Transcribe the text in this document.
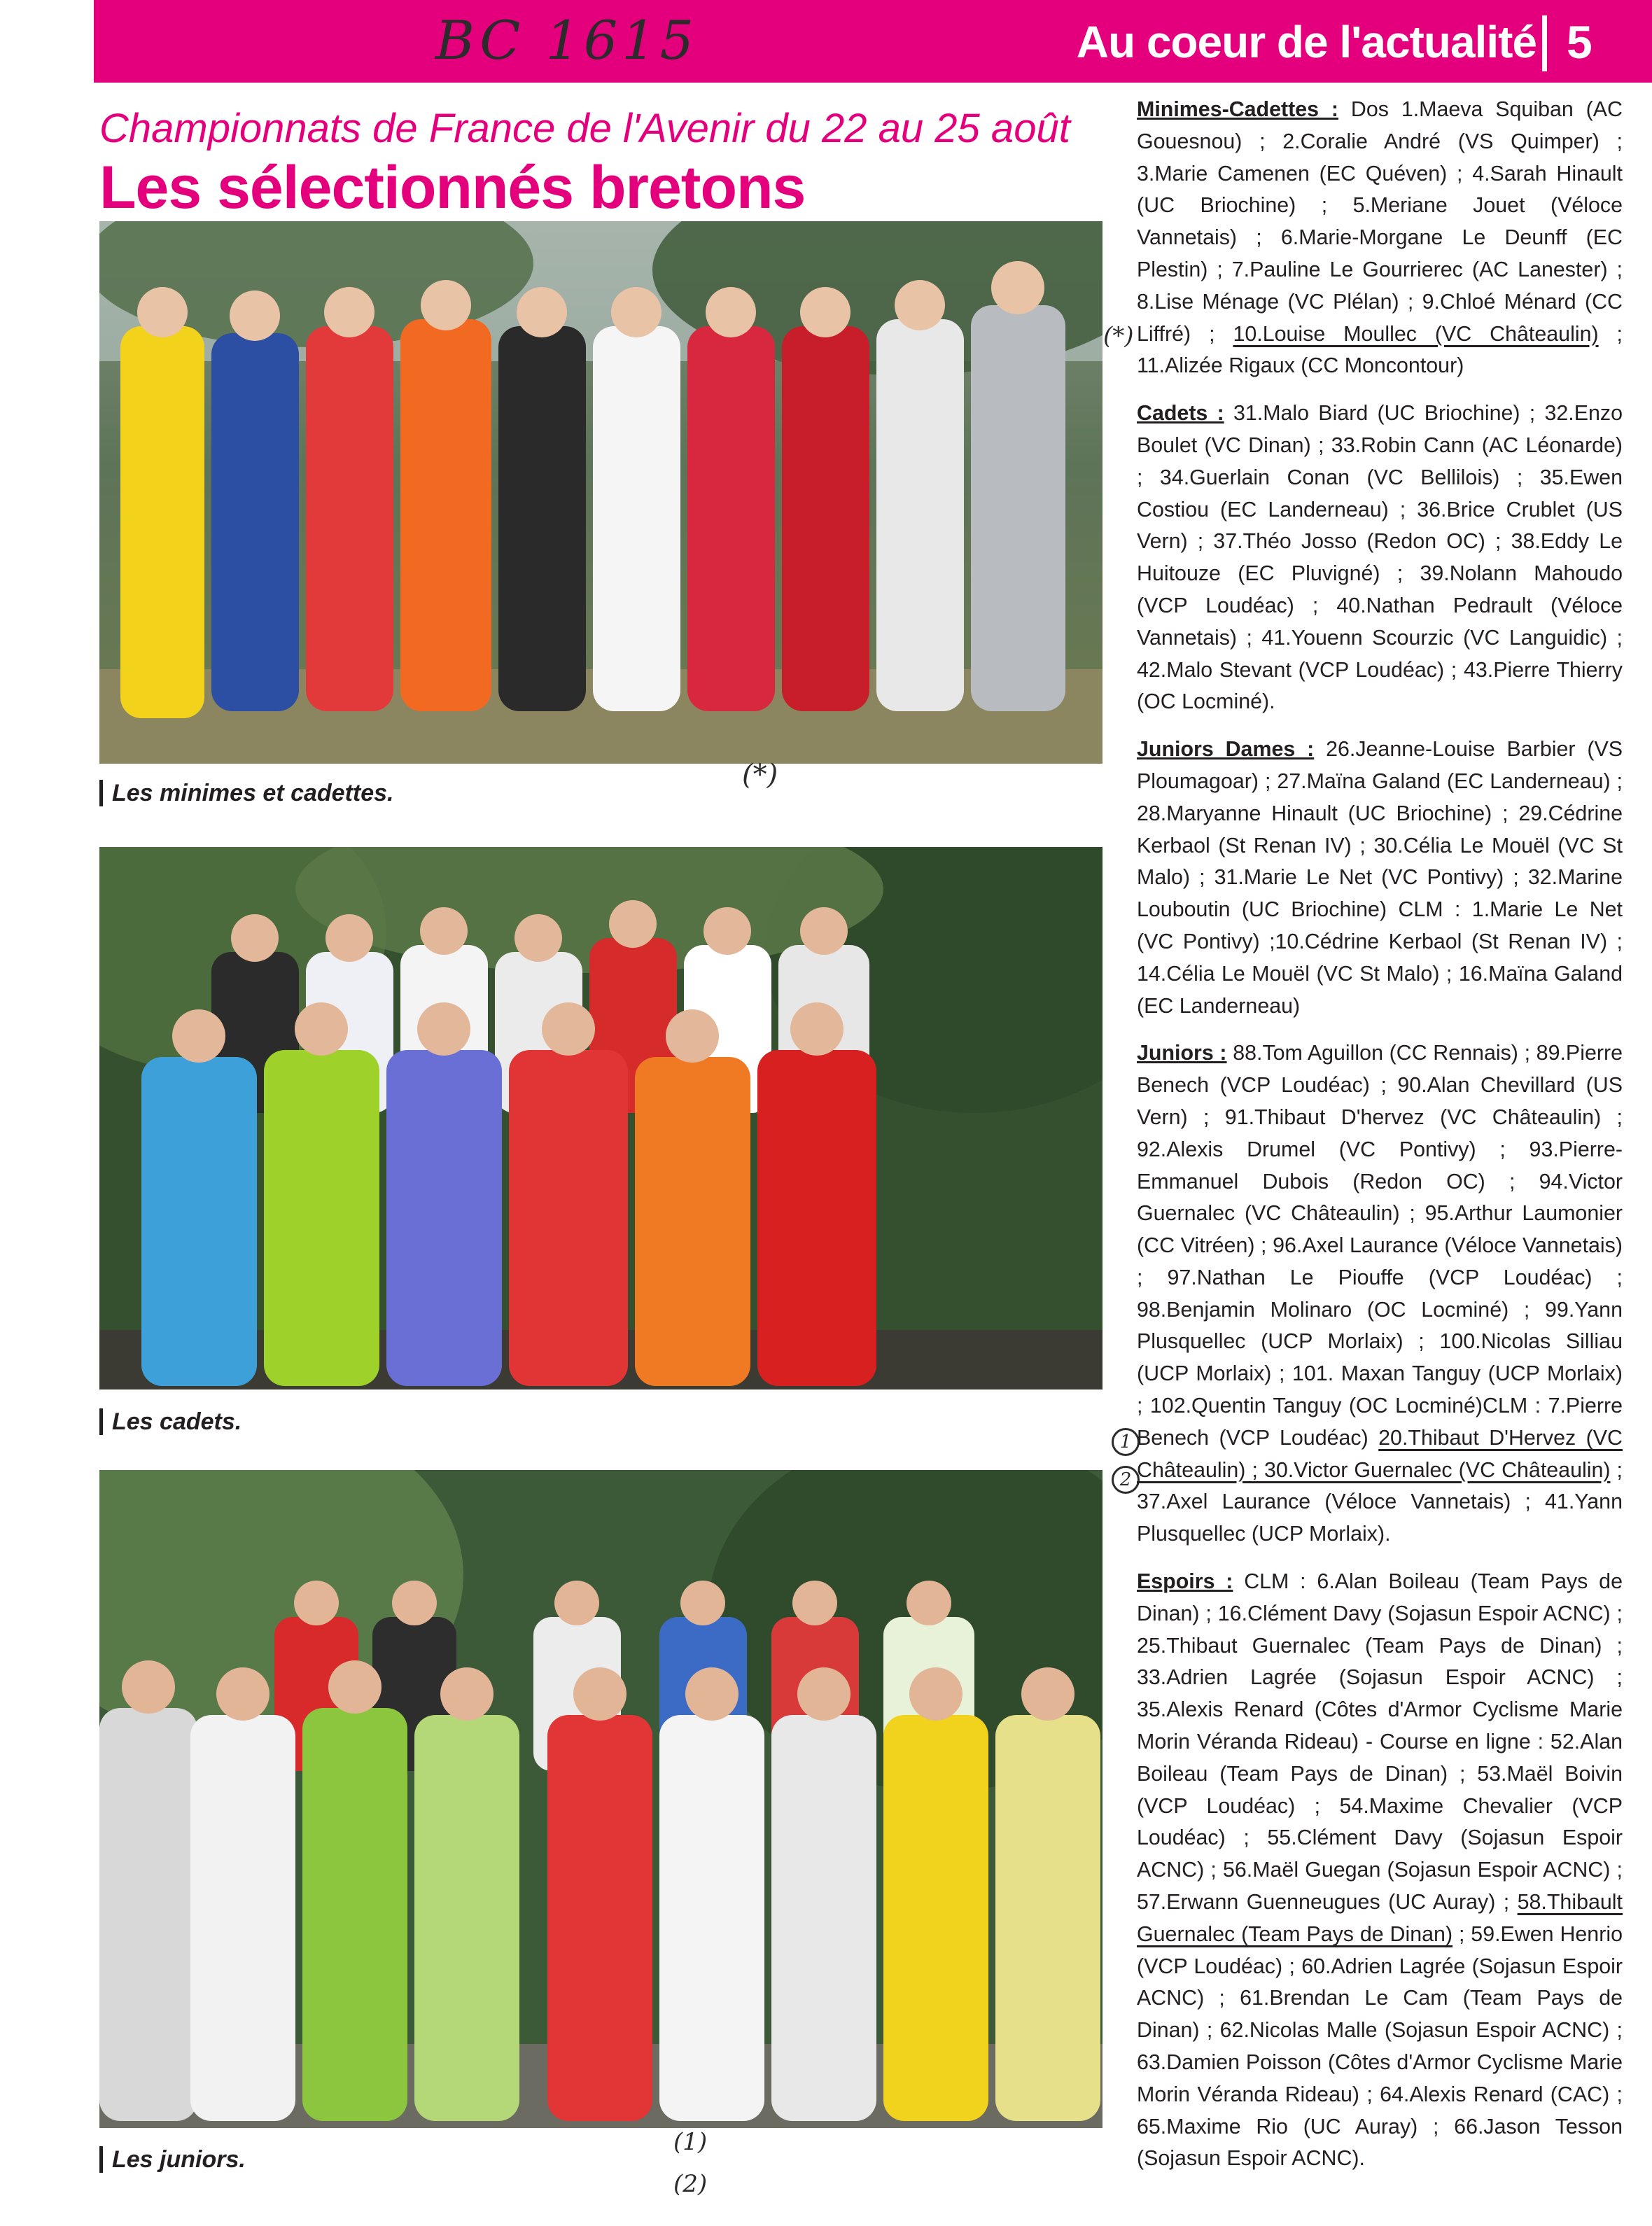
BC 1615	Au coeur de l'actualité 5
Championnats de France de l'Avenir du 22 au 25 août
Les sélectionnés bretons
Les minimes et cadettes.
(*)
Les cadets.
Les juniors.
(1)
(2)
(*)
1
2

Minimes-Cadettes : Dos 1.Maeva Squiban (AC Gouesnou) ; 2.Coralie André (VS Quimper) ; 3.Marie Camenen (EC Quéven) ; 4.Sarah Hinault (UC Briochine) ; 5.Meriane Jouet (Véloce Vannetais) ; 6.Marie-Morgane Le Deunff (EC Plestin) ; 7.Pauline Le Gourrierec (AC Lanester) ; 8.Lise Ménage (VC Plélan) ; 9.Chloé Ménard (CC Liffré) ; 10.Louise Moullec (VC Châteaulin) ; 11.Alizée Rigaux (CC Moncontour)

Cadets : 31.Malo Biard (UC Briochine) ; 32.Enzo Boulet (VC Dinan) ; 33.Robin Cann (AC Léonarde) ; 34.Guerlain Conan (VC Bellilois) ; 35.Ewen Costiou (EC Landerneau) ; 36.Brice Crublet (US Vern) ; 37.Théo Josso (Redon OC) ; 38.Eddy Le Huitouze (EC Pluvigné) ; 39.Nolann Mahoudo (VCP Loudéac) ; 40.Nathan Pedrault (Véloce Vannetais) ; 41.Youenn Scourzic (VC Languidic) ; 42.Malo Stevant (VCP Loudéac) ; 43.Pierre Thierry (OC Locminé).

Juniors Dames : 26.Jeanne-Louise Barbier (VS Ploumagoar) ; 27.Maïna Galand (EC Landerneau) ; 28.Maryanne Hinault (UC Briochine) ; 29.Cédrine Kerbaol (St Renan IV) ; 30.Célia Le Mouël (VC St Malo) ; 31.Marie Le Net (VC Pontivy) ; 32.Marine Louboutin (UC Briochine) CLM : 1.Marie Le Net (VC Pontivy) ;10.Cédrine Kerbaol (St Renan IV) ; 14.Célia Le Mouël (VC St Malo) ; 16.Maïna Galand (EC Landerneau)

Juniors : 88.Tom Aguillon (CC Rennais) ; 89.Pierre Benech (VCP Loudéac) ; 90.Alan Chevillard (US Vern) ; 91.Thibaut D'hervez (VC Châteaulin) ; 92.Alexis Drumel (VC Pontivy) ; 93.Pierre-Emmanuel Dubois (Redon OC) ; 94.Victor Guernalec (VC Châteaulin) ; 95.Arthur Laumonier (CC Vitréen) ; 96.Axel Laurance (Véloce Vannetais) ; 97.Nathan Le Piouffe (VCP Loudéac) ; 98.Benjamin Molinaro (OC Locminé) ; 99.Yann Plusquellec (UCP Morlaix) ; 100.Nicolas Silliau (UCP Morlaix) ; 101. Maxan Tanguy (UCP Morlaix) ; 102.Quentin Tanguy (OC Locminé)CLM : 7.Pierre Benech (VCP Loudéac) 20.Thibaut D'Hervez (VC Châteaulin) ; 30.Victor Guernalec (VC Châteaulin) ; 37.Axel Laurance (Véloce Vannetais) ; 41.Yann Plusquellec (UCP Morlaix).

Espoirs : CLM : 6.Alan Boileau (Team Pays de Dinan) ; 16.Clément Davy (Sojasun Espoir ACNC) ; 25.Thibaut Guernalec (Team Pays de Dinan) ; 33.Adrien Lagrée (Sojasun Espoir ACNC) ; 35.Alexis Renard (Côtes d'Armor Cyclisme Marie Morin Véranda Rideau) - Course en ligne : 52.Alan Boileau (Team Pays de Dinan) ; 53.Maël Boivin (VCP Loudéac) ; 54.Maxime Chevalier (VCP Loudéac) ; 55.Clément Davy (Sojasun Espoir ACNC) ; 56.Maël Guegan (Sojasun Espoir ACNC) ; 57.Erwann Guenneugues (UC Auray) ; 58.Thibault Guernalec (Team Pays de Dinan) ; 59.Ewen Henrio (VCP Loudéac) ; 60.Adrien Lagrée (Sojasun Espoir ACNC) ; 61.Brendan Le Cam (Team Pays de Dinan) ; 62.Nicolas Malle (Sojasun Espoir ACNC) ; 63.Damien Poisson (Côtes d'Armor Cyclisme Marie Morin Véranda Rideau) ; 64.Alexis Renard (CAC) ; 65.Maxime Rio (UC Auray) ; 66.Jason Tesson (Sojasun Espoir ACNC).
